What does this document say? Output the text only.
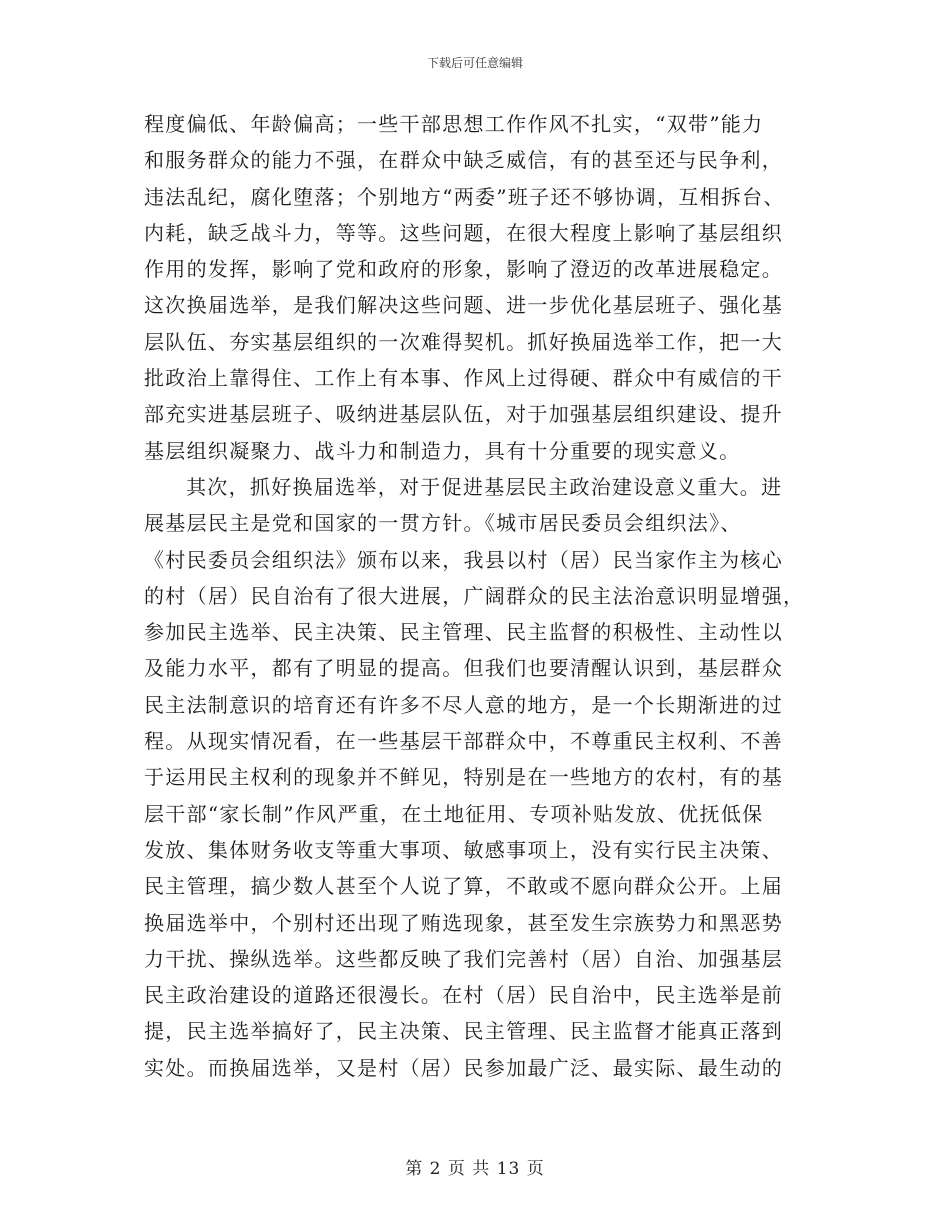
下载后可任意编辑
程度偏低、年龄偏高；一些干部思想工作作风不扎实，“双带”能力
和服务群众的能力不强，在群众中缺乏威信，有的甚至还与民争利，
违法乱纪，腐化堕落；个别地方“两委”班子还不够协调，互相拆台、
内耗，缺乏战斗力，等等。这些问题，在很大程度上影响了基层组织
作用的发挥，影响了党和政府的形象，影响了澄迈的改革进展稳定。
这次换届选举，是我们解决这些问题、进一步优化基层班子、强化基
层队伍、夯实基层组织的一次难得契机。抓好换届选举工作，把一大
批政治上靠得住、工作上有本事、作风上过得硬、群众中有威信的干
部充实进基层班子、吸纳进基层队伍，对于加强基层组织建设、提升
基层组织凝聚力、战斗力和制造力，具有十分重要的现实意义。
其次，抓好换届选举，对于促进基层民主政治建设意义重大。进
展基层民主是党和国家的一贯方针。《城市居民委员会组织法》、
《村民委员会组织法》颁布以来，我县以村（居）民当家作主为核心
的村（居）民自治有了很大进展，广阔群众的民主法治意识明显增强，
参加民主选举、民主决策、民主管理、民主监督的积极性、主动性以
及能力水平，都有了明显的提高。但我们也要清醒认识到，基层群众
民主法制意识的培育还有许多不尽人意的地方，是一个长期渐进的过
程。从现实情况看，在一些基层干部群众中，不尊重民主权利、不善
于运用民主权利的现象并不鲜见，特别是在一些地方的农村，有的基
层干部“家长制”作风严重，在土地征用、专项补贴发放、优抚低保
发放、集体财务收支等重大事项、敏感事项上，没有实行民主决策、
民主管理，搞少数人甚至个人说了算，不敢或不愿向群众公开。上届
换届选举中，个别村还出现了贿选现象，甚至发生宗族势力和黑恶势
力干扰、操纵选举。这些都反映了我们完善村（居）自治、加强基层
民主政治建设的道路还很漫长。在村（居）民自治中，民主选举是前
提，民主选举搞好了，民主决策、民主管理、民主监督才能真正落到
实处。而换届选举，又是村（居）民参加最广泛、最实际、最生动的
第 2 页 共 13 页
